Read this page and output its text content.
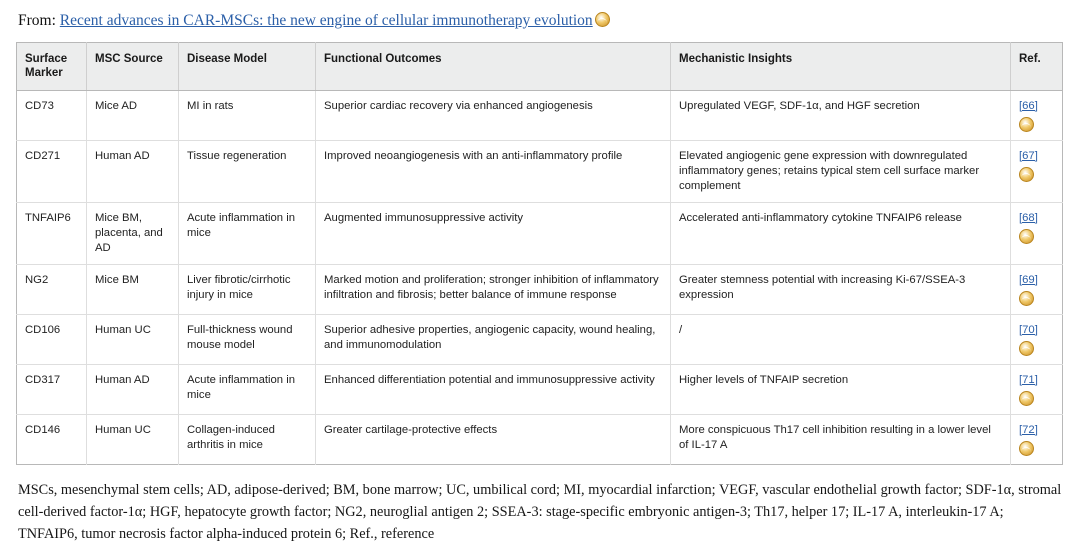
From: Recent advances in CAR-MSCs: the new engine of cellular immunotherapy evolution
Surface Marker	MSC Source	Disease Model	Functional Outcomes	Mechanistic Insights	Ref.
CD73	Mice AD	MI in rats	Superior cardiac recovery via enhanced angiogenesis	Upregulated VEGF, SDF-1α, and HGF secretion	[66]

CD271	Human AD	Tissue regeneration	Improved neoangiogenesis with an anti-inflammatory profile	Elevated angiogenic gene expression with downregulated inflammatory genes; retains typical stem cell surface marker complement	[67]

TNFAIP6	Mice BM, placenta, and AD	Acute inflammation in mice	Augmented immunosuppressive activity	Accelerated anti-inflammatory cytokine TNFAIP6 release	[68]

NG2	Mice BM	Liver fibrotic/cirrhotic injury in mice	Marked motion and proliferation; stronger inhibition of inflammatory infiltration and fibrosis; better balance of immune response	Greater stemness potential with increasing Ki-67/SSEA-3 expression	[69]

CD106	Human UC	Full-thickness wound mouse model	Superior adhesive properties, angiogenic capacity, wound healing, and immunomodulation	/	[70]

CD317	Human AD	Acute inflammation in mice	Enhanced differentiation potential and immunosuppressive activity	Higher levels of TNFAIP secretion	[71]

CD146	Human UC	Collagen-induced arthritis in mice	Greater cartilage-protective effects	More conspicuous Th17 cell inhibition resulting in a lower level of IL-17 A	[72]
MSCs, mesenchymal stem cells; AD, adipose-derived; BM, bone marrow; UC, umbilical cord; MI, myocardial infarction; VEGF, vascular endothelial growth factor; SDF-1α, stromal cell-derived factor-1α; HGF, hepatocyte growth factor; NG2, neuroglial antigen 2; SSEA-3: stage-specific embryonic antigen-3; Th17, helper 17; IL-17 A, interleukin-17 A; TNFAIP6, tumor necrosis factor alpha-induced protein 6; Ref., reference
